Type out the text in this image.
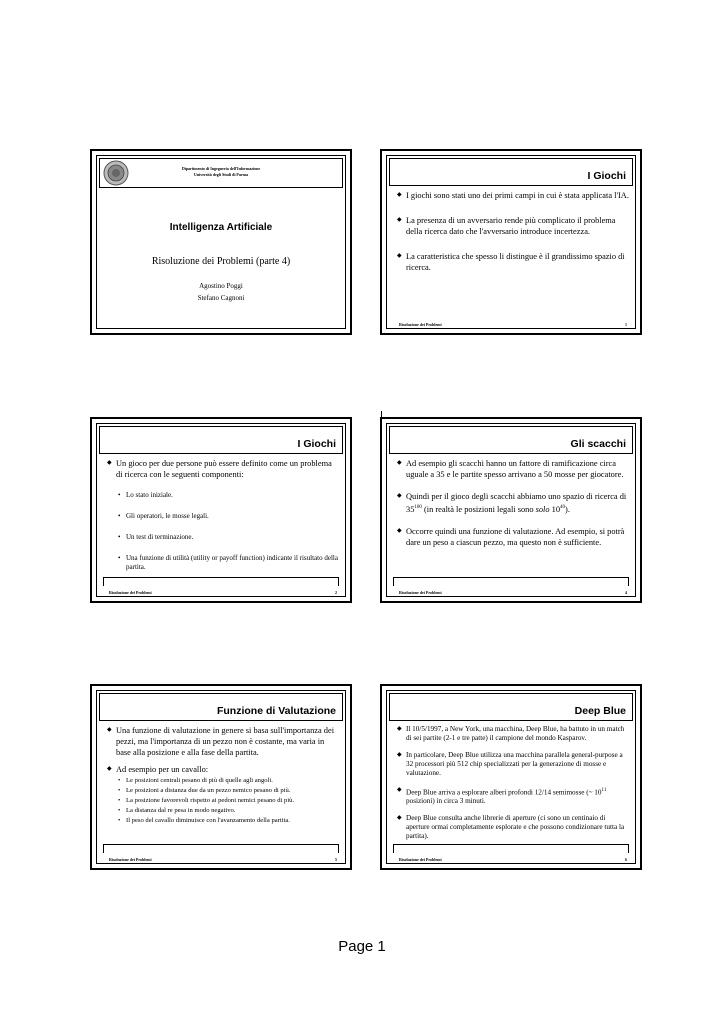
Dipartimento di Ingegneria dell'Informazione
Università degli Studi di Parma
Intelligenza Artificiale
Risoluzione dei Problemi (parte 4)
Agostino Poggi
Stefano Cagnoni
I Giochi
◆ I giochi sono stati uno dei primi campi in cui è stata applicata l'IA.
◆ La presenza di un avversario rende più complicato il problema della ricerca dato che l'avversario introduce incertezza.
◆ La caratteristica che spesso li distingue è il grandissimo spazio di ricerca.
Risoluzione dei Problemi	1
I Giochi
◆ Un gioco per due persone può essere definito come un problema di ricerca con le seguenti componenti:
• Lo stato iniziale.
• Gli operatori, le mosse legali.
• Un test di terminazione.
• Una funzione di utilità (utility or payoff function) indicante il risultato della partita.
Risoluzione dei Problemi	2
Gli scacchi
◆ Ad esempio gli scacchi hanno un fattore di ramificazione circa uguale a 35 e le partite spesso arrivano a 50 mosse per giocatore.
◆ Quindi per il gioco degli scacchi abbiamo uno spazio di ricerca di $35^{100}$ (in realtà le posizioni legali sono solo $10^{40}$).
◆ Occorre quindi una funzione di valutazione. Ad esempio, si potrà dare un peso a ciascun pezzo, ma questo non è sufficiente.
Risoluzione dei Problemi	4
Funzione di Valutazione
◆ Una funzione di valutazione in genere si basa sull'importanza dei pezzi, ma l'importanza di un pezzo non è costante, ma varia in base alla posizione e alla fase della partita.
◆ Ad esempio per un cavallo:
• Le posizioni centrali pesano di più di quelle agli angoli.
• Le posizioni a distanza due da un pezzo nemico pesano di più.
• La posizione favorevoli rispetto ai pedoni nemici pesano di più.
• La distanza dal re pesa in modo negativo.
• Il peso del cavallo diminuisce con l'avanzamento della partita.
Risoluzione dei Problemi	5
Deep Blue
◆ Il 10/5/1997, a New York, una macchina, Deep Blue, ha battuto in un match di sei partite (2-1 e tre patte) il campione del mondo Kasparov.
◆ In particolare, Deep Blue utilizza una macchina parallela general-purpose a 32 processori più 512 chip specializzati per la generazione di mosse e valutazione.
◆ Deep Blue arriva a esplorare alberi profondi 12/14 semimosse (~ $10^{11}$ posizioni) in circa 3 minuti.
◆ Deep Blue consulta anche librerie di aperture (ci sono un centinaio di aperture ormai completamente esplorate e che possono condizionare tutta la partita).
Risoluzione dei Problemi	6
Page 1
